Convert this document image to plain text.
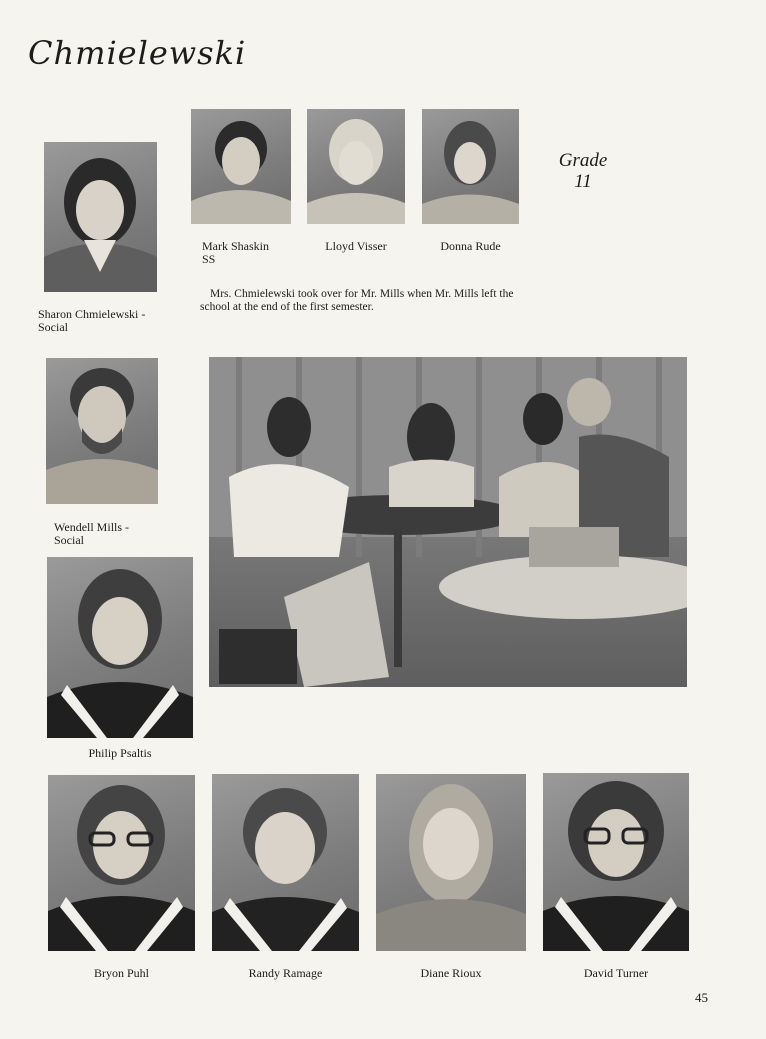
Chmielewski
Grade
11
Sharon Chmielewski -
Social
Mark Shaskin
SS
Lloyd Visser	Donna Rude
Mrs. Chmielewski took over for Mr. Mills when Mr. Mills left the school at the end of the first semester.
Wendell Mills -
Social
Philip Psaltis
Bryon Puhl	Randy Ramage	Diane Rioux	David Turner
45
